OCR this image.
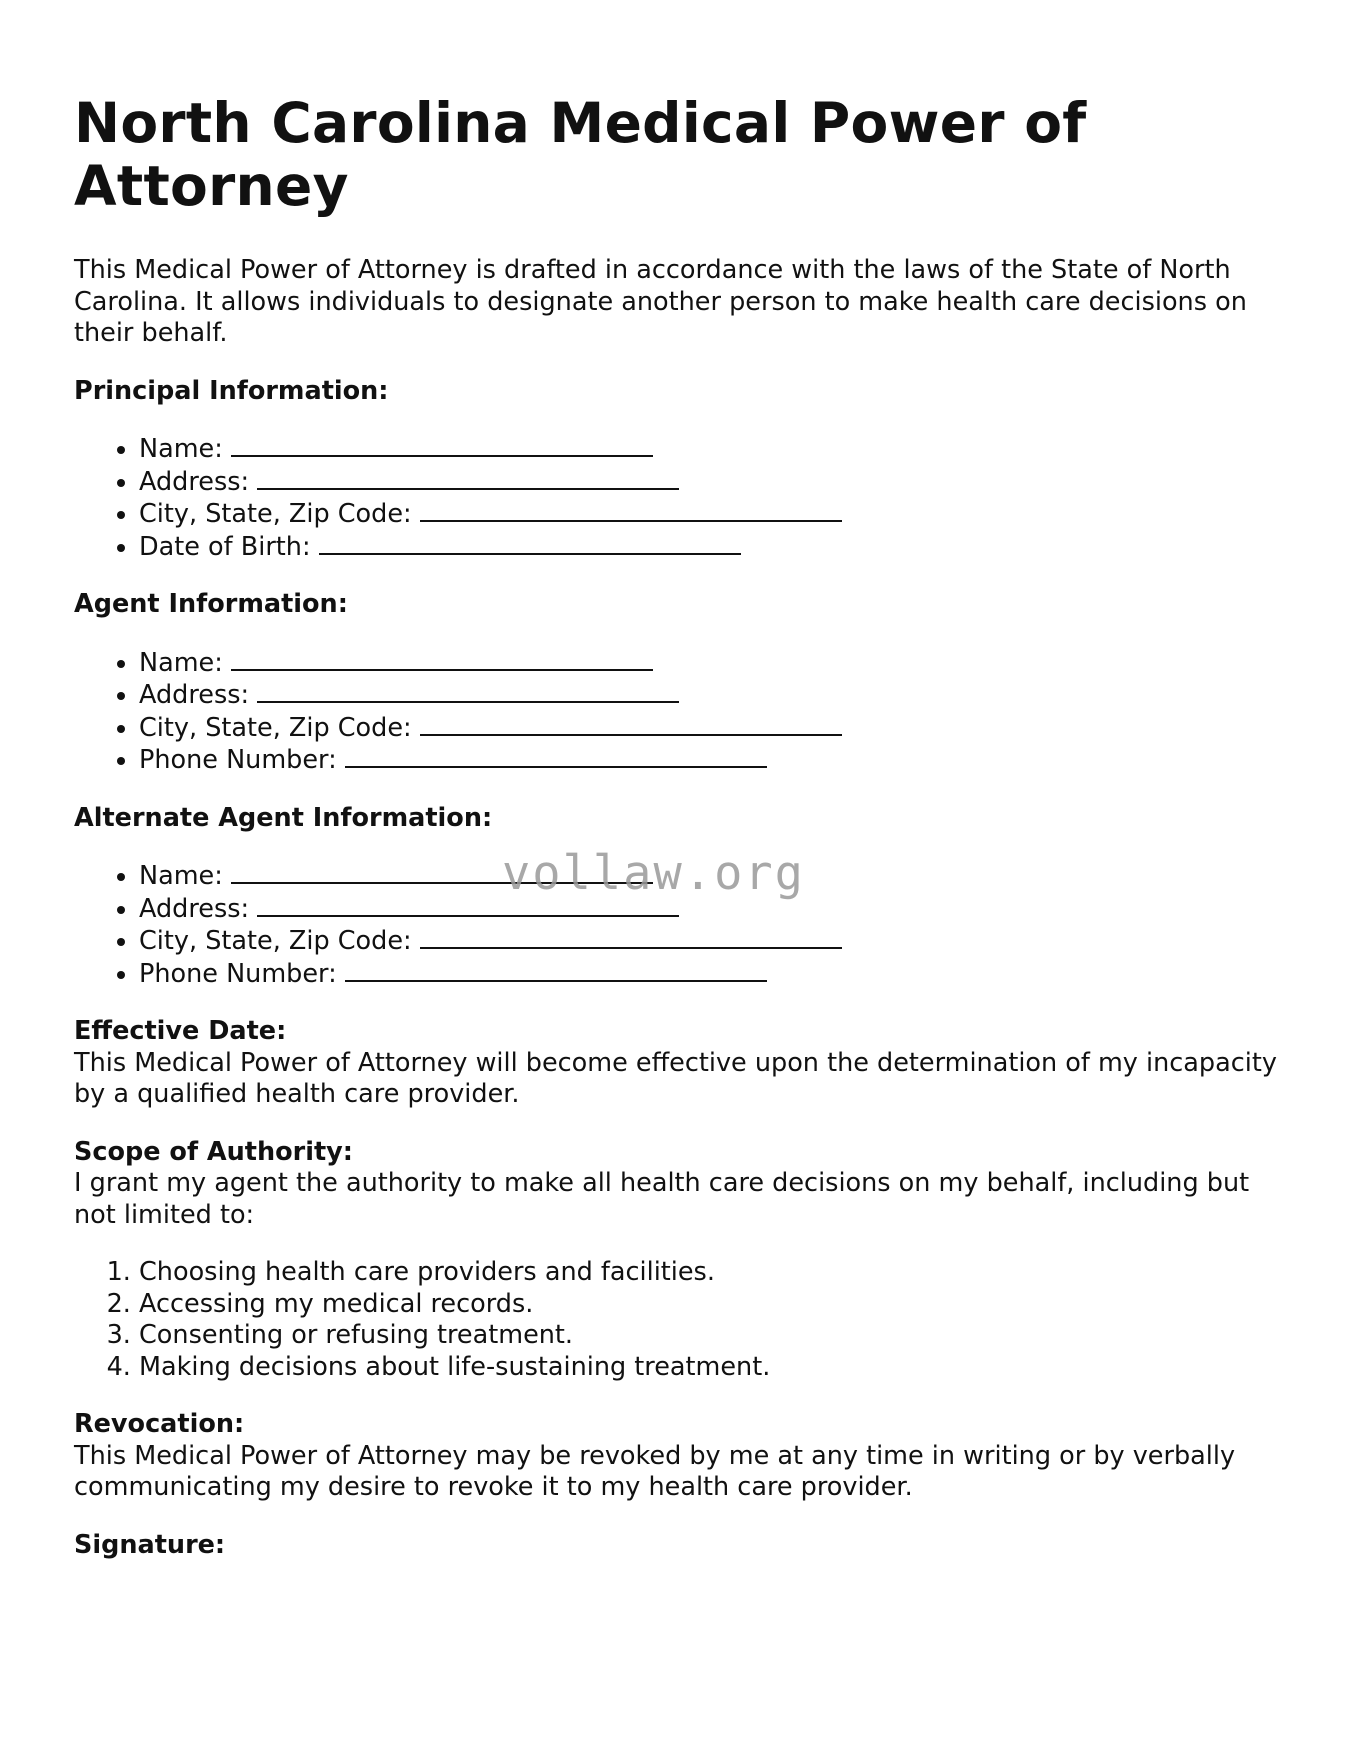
North Carolina Medical Power of Attorney

This Medical Power of Attorney is drafted in accordance with the laws of the State of North Carolina. It allows individuals to designate another person to make health care decisions on their behalf.

Principal Information:
• Name:
• Address:
• City, State, Zip Code:
• Date of Birth:
Agent Information:
• Name:
• Address:
• City, State, Zip Code:
• Phone Number:
Alternate Agent Information:
• Name:
• Address:
• City, State, Zip Code:
• Phone Number:
Effective Date:

This Medical Power of Attorney will become effective upon the determination of my incapacity by a qualified health care provider.

Scope of Authority:

I grant my agent the authority to make all health care decisions on my behalf, including but not limited to:

1. Choosing health care providers and facilities.
2. Accessing my medical records.
3. Consenting or refusing treatment.
4. Making decisions about life-sustaining treatment.
Revocation:

This Medical Power of Attorney may be revoked by me at any time in writing or by verbally communicating my desire to revoke it to my health care provider.

Signature:
vollaw.org
